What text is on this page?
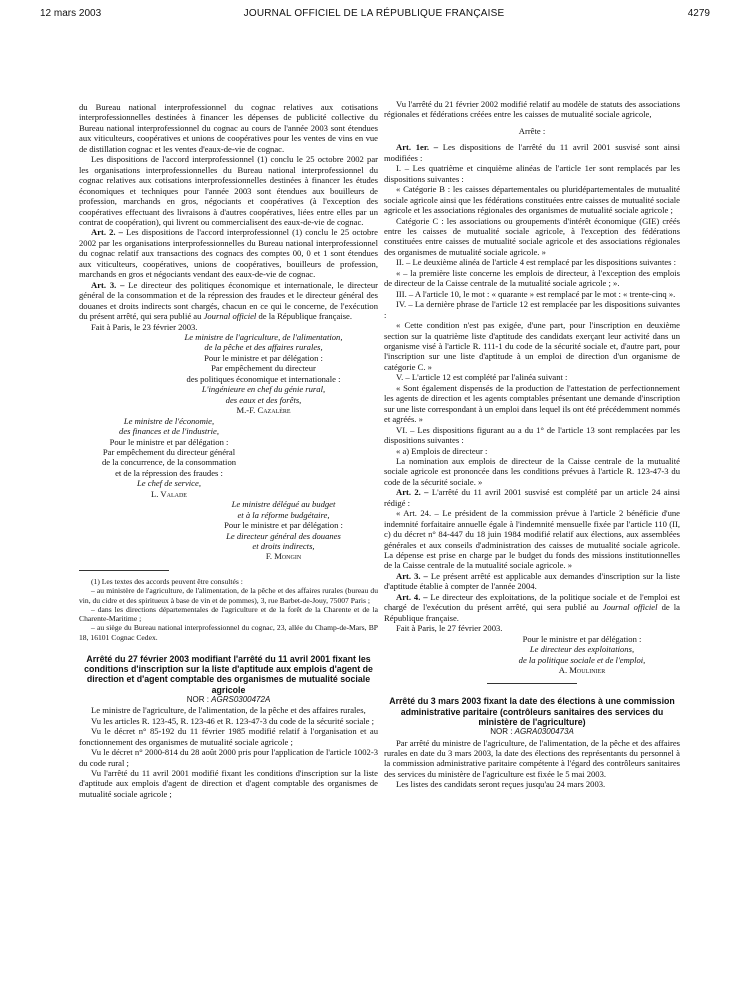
12 mars 2003	JOURNAL OFFICIEL DE LA RÉPUBLIQUE FRANÇAISE	4279

du Bureau national interprofessionnel du cognac relatives aux cotisations interprofessionnelles destinées à financer les dépenses de publicité collective du Bureau national interprofessionnel du cognac au cours de l'année 2003 sont étendues aux viticulteurs, coopératives et unions de coopératives pour les ventes de vins en vue de distillation cognac et les ventes d'eaux-de-vie de cognac.

Les dispositions de l'accord interprofessionnel (1) conclu le 25 octobre 2002 par les organisations interprofessionnelles du Bureau national interprofessionnel du cognac relatives aux cotisations interprofessionnelles destinées à financer les études économiques et techniques pour l'année 2003 sont étendues aux bouilleurs de profession, marchands en gros, négociants et coopératives (à l'exception des coopératives effectuant des livraisons à d'autres coopératives, liées entre elles par un contrat de coopération), qui livrent ou commercialisent des eaux-de-vie de cognac.

Art. 2. – Les dispositions de l'accord interprofessionnel (1) conclu le 25 octobre 2002 par les organisations interprofessionnelles du Bureau national interprofessionnel du cognac relatif aux transactions des cognacs des comptes 00, 0 et 1 sont étendues aux viticulteurs, coopératives, unions de coopératives, bouilleurs de profession, marchands en gros et négociants vendant des eaux-de-vie de cognac.

Art. 3. – Le directeur des politiques économique et internationale, le directeur général de la consommation et de la répression des fraudes et le directeur général des douanes et droits indirects sont chargés, chacun en ce qui le concerne, de l'exécution du présent arrêté, qui sera publié au Journal officiel de la République française.

Fait à Paris, le 23 février 2003.

Le ministre de l'agriculture, de l'alimentation,

de la pêche et des affaires rurales,

Pour le ministre et par délégation :

Par empêchement du directeur

des politiques économique et internationale :

L'ingénieure en chef du génie rural,

des eaux et des forêts,

M.-F. Cazalère

Le ministre de l'économie,

des finances et de l'industrie,

Pour le ministre et par délégation :

Par empêchement du directeur général

de la concurrence, de la consommation

et de la répression des fraudes :

Le chef de service,

L. Valade

Le ministre délégué au budget

et à la réforme budgétaire,

Pour le ministre et par délégation :

Le directeur général des douanes

et droits indirects,

F. Mongin

(1) Les textes des accords peuvent être consultés :

– au ministère de l'agriculture, de l'alimentation, de la pêche et des affaires rurales (bureau du vin, du cidre et des spiritueux à base de vin et de pommes), 3, rue Barbet-de-Jouy, 75007 Paris ;

– dans les directions départementales de l'agriculture et de la forêt de la Charente et de la Charente-Maritime ;

– au siège du Bureau national interprofessionnel du cognac, 23, allée du Champ-de-Mars, BP 18, 16101 Cognac Cedex.

Arrêté du 27 février 2003 modifiant l'arrêté du 11 avril 2001 fixant les conditions d'inscription sur la liste d'aptitude aux emplois d'agent de direction et d'agent comptable des organismes de mutualité sociale agricole

NOR : AGRS0300472A

Le ministre de l'agriculture, de l'alimentation, de la pêche et des affaires rurales,

Vu les articles R. 123-45, R. 123-46 et R. 123-47-3 du code de la sécurité sociale ;

Vu le décret n° 85-192 du 11 février 1985 modifié relatif à l'organisation et au fonctionnement des organismes de mutualité sociale agricole ;

Vu le décret n° 2000-814 du 28 août 2000 pris pour l'application de l'article 1002-3 du code rural ;

Vu l'arrêté du 11 avril 2001 modifié fixant les conditions d'inscription sur la liste d'aptitude aux emplois d'agent de direction et d'agent comptable des organismes de mutualité sociale agricole ;

Vu l'arrêté du 21 février 2002 modifié relatif au modèle de statuts des associations régionales et fédérations créées entre les caisses de mutualité sociale agricole,

Arrête :

Art. 1er. – Les dispositions de l'arrêté du 11 avril 2001 susvisé sont ainsi modifiées :

I. – Les quatrième et cinquième alinéas de l'article 1er sont remplacés par les dispositions suivantes :

« Catégorie B : les caisses départementales ou pluridépartementales de mutualité sociale agricole ainsi que les fédérations constituées entre caisses de mutualité sociale agricole et les associations régionales des organismes de mutualité sociale agricole ;

Catégorie C : les associations ou groupements d'intérêt économique (GIE) créés entre les caisses de mutualité sociale agricole, à l'exception des fédérations constituées entre caisses de mutualité sociale agricole et des associations régionales des organismes de mutualité sociale agricole. »

II. – Le deuxième alinéa de l'article 4 est remplacé par les dispositions suivantes :

« – la première liste concerne les emplois de directeur, à l'exception des emplois de directeur de la Caisse centrale de la mutualité sociale agricole ; ».

III. – A l'article 10, le mot : « quarante » est remplacé par le mot : « trente-cinq ».

IV. – La dernière phrase de l'article 12 est remplacée par les dispositions suivantes :

« Cette condition n'est pas exigée, d'une part, pour l'inscription en deuxième section sur la quatrième liste d'aptitude des candidats exerçant leur activité dans un organisme visé à l'article R. 111-1 du code de la sécurité sociale et, d'autre part, pour l'inscription sur une liste d'aptitude à un emploi de direction d'un organisme de catégorie C. »

V. – L'article 12 est complété par l'alinéa suivant :

« Sont également dispensés de la production de l'attestation de perfectionnement les agents de direction et les agents comptables présentant une demande d'inscription sur une liste correspondant à un emploi dans lequel ils ont été précédemment nommés et agréés. »

VI. – Les dispositions figurant au a du 1° de l'article 13 sont remplacées par les dispositions suivantes :

« a) Emplois de directeur :

La nomination aux emplois de directeur de la Caisse centrale de la mutualité sociale agricole est prononcée dans les conditions prévues à l'article R. 123-47-3 du code de la sécurité sociale. »

Art. 2. – L'arrêté du 11 avril 2001 susvisé est complété par un article 24 ainsi rédigé :

« Art. 24. – Le président de la commission prévue à l'article 2 bénéficie d'une indemnité forfaitaire annuelle égale à l'indemnité mensuelle fixée par l'article 110 (II, c) du décret n° 84-447 du 18 juin 1984 modifié relatif aux élections, aux assemblées générales et aux conseils d'administration des caisses de mutualité sociale agricole. La dépense est prise en charge par le budget du fonds des missions institutionnelles de la Caisse centrale de la mutualité sociale agricole. »

Art. 3. – Le présent arrêté est applicable aux demandes d'inscription sur la liste d'aptitude établie à compter de l'année 2004.

Art. 4. – Le directeur des exploitations, de la politique sociale et de l'emploi est chargé de l'exécution du présent arrêté, qui sera publié au Journal officiel de la République française.

Fait à Paris, le 27 février 2003.

Pour le ministre et par délégation :

Le directeur des exploitations,

de la politique sociale et de l'emploi,

A. Moulinier

Arrêté du 3 mars 2003 fixant la date des élections à une commission administrative paritaire (contrôleurs sanitaires des services du ministère de l'agriculture)

NOR : AGRA0300473A

Par arrêté du ministre de l'agriculture, de l'alimentation, de la pêche et des affaires rurales en date du 3 mars 2003, la date des élections des représentants du personnel à la commission administrative paritaire compétente à l'égard des contrôleurs sanitaires des services du ministère de l'agriculture est fixée le 5 mai 2003.

Les listes des candidats seront reçues jusqu'au 24 mars 2003.
